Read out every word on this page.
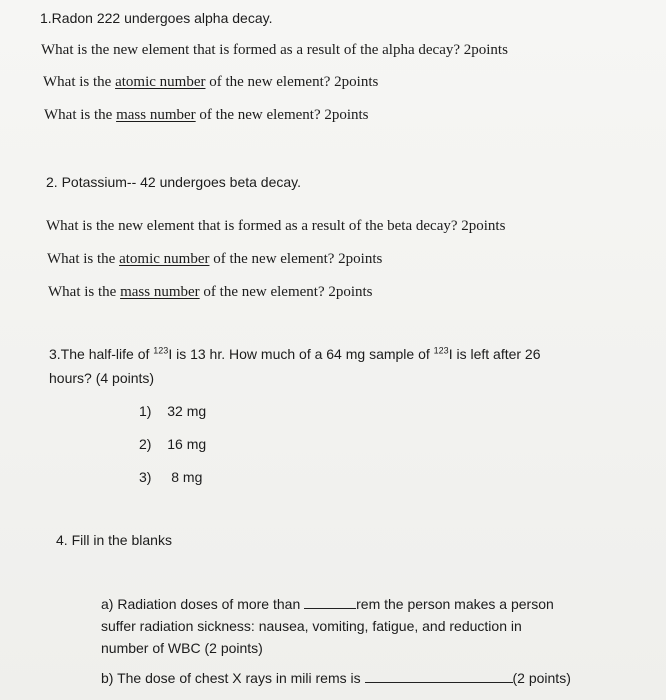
1.Radon 222 undergoes alpha decay.
What is the new element that is formed as a result of the alpha decay? 2points
What is the atomic number of the new element? 2points
What is the mass number of the new element? 2points
2. Potassium-- 42 undergoes beta decay.
What is the new element that is formed as a result of the beta decay? 2points
What is the atomic number of the new element? 2points
What is the mass number of the new element? 2points
3.The half-life of $^{123}$I is 13 hr. How much of a 64 mg sample of $^{123}$I is left after 26
hours? (4 points)
1) 32 mg
2) 16 mg
3) 8 mg
4. Fill in the blanks
a) Radiation doses of more than	rem the person makes a person
suffer radiation sickness: nausea, vomiting, fatigue, and reduction in
number of WBC (2 points)
b) The dose of chest X rays in mili rems is	(2 points)
